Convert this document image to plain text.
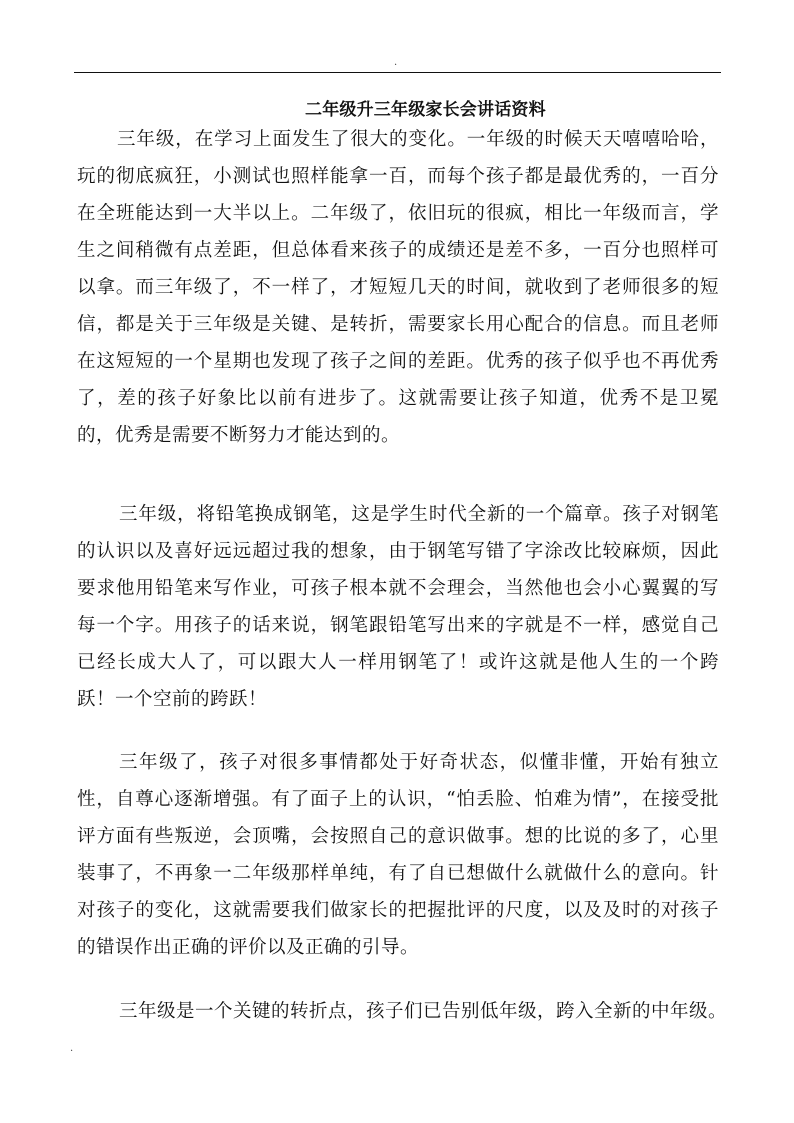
.
二年级升三年级家长会讲话资料

三年级，在学习上面发生了很大的变化。一年级的时候天天嘻嘻哈哈，玩的彻底疯狂，小测试也照样能拿一百，而每个孩子都是最优秀的，一百分在全班能达到一大半以上。二年级了，依旧玩的很疯，相比一年级而言，学生之间稍微有点差距，但总体看来孩子的成绩还是差不多，一百分也照样可以拿。而三年级了，不一样了，才短短几天的时间，就收到了老师很多的短信，都是关于三年级是关键、是转折，需要家长用心配合的信息。而且老师在这短短的一个星期也发现了孩子之间的差距。优秀的孩子似乎也不再优秀了，差的孩子好象比以前有进步了。这就需要让孩子知道，优秀不是卫冕的，优秀是需要不断努力才能达到的。

三年级，将铅笔换成钢笔，这是学生时代全新的一个篇章。孩子对钢笔的认识以及喜好远远超过我的想象，由于钢笔写错了字涂改比较麻烦，因此要求他用铅笔来写作业，可孩子根本就不会理会，当然他也会小心翼翼的写每一个字。用孩子的话来说，钢笔跟铅笔写出来的字就是不一样，感觉自己已经长成大人了，可以跟大人一样用钢笔了！或许这就是他人生的一个跨跃！一个空前的跨跃！

三年级了，孩子对很多事情都处于好奇状态，似懂非懂，开始有独立性，自尊心逐渐增强。有了面子上的认识，“怕丢脸、怕难为情”，在接受批评方面有些叛逆，会顶嘴，会按照自己的意识做事。想的比说的多了，心里装事了，不再象一二年级那样单纯，有了自已想做什么就做什么的意向。针对孩子的变化，这就需要我们做家长的把握批评的尺度，以及及时的对孩子的错误作出正确的评价以及正确的引导。

三年级是一个关键的转折点，孩子们已告别低年级，跨入全新的中年级。

.
